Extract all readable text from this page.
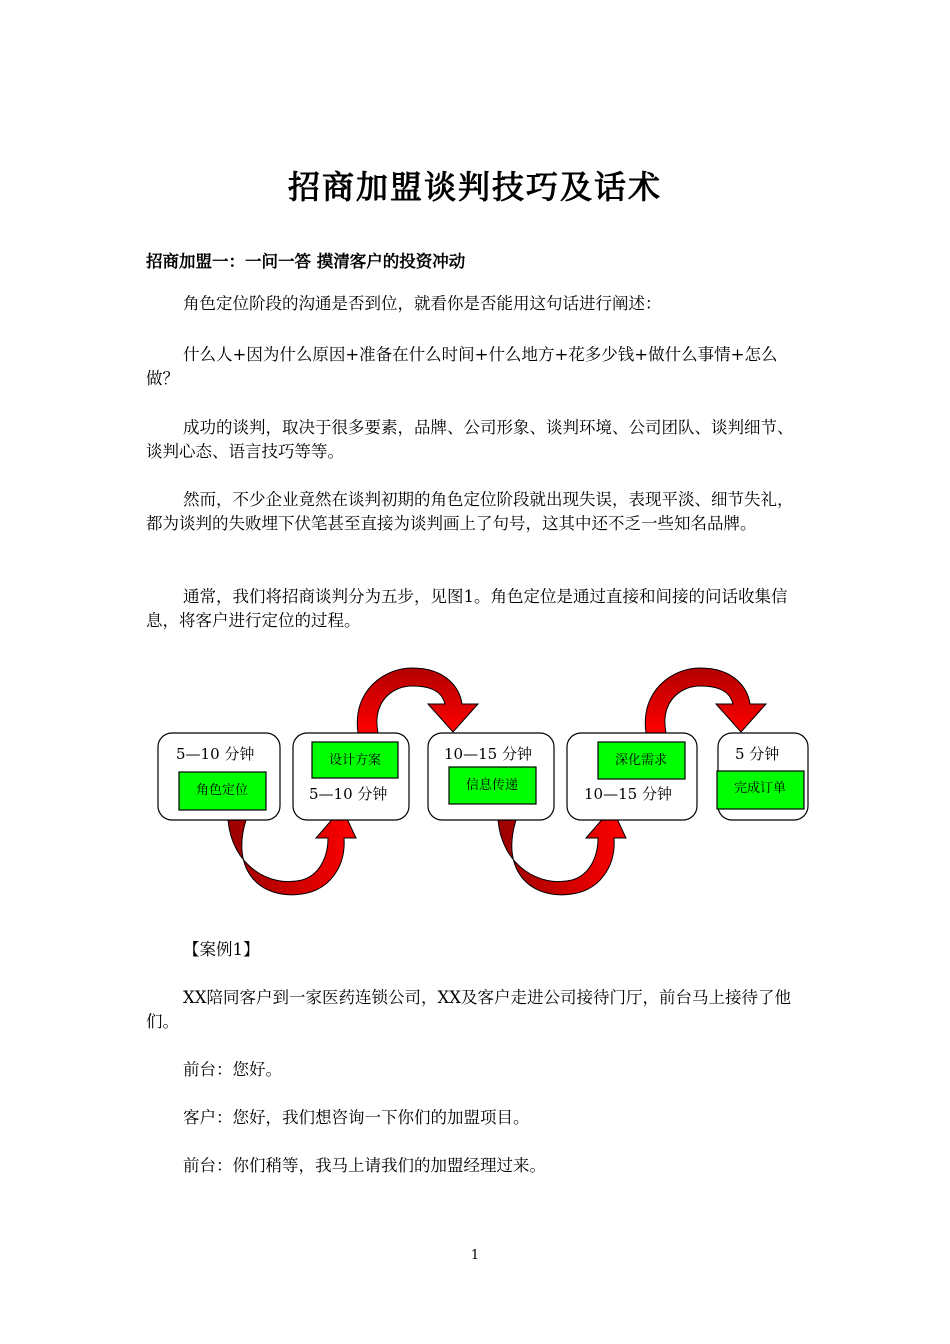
招商加盟谈判技巧及话术
招商加盟一：一问一答 摸清客户的投资冲动

角色定位阶段的沟通是否到位，就看你是否能用这句话进行阐述：

什么人+因为什么原因+准备在什么时间+什么地方+花多少钱+做什么事情+怎么做？

成功的谈判，取决于很多要素，品牌、公司形象、谈判环境、公司团队、谈判细节、谈判心态、语言技巧等等。

然而，不少企业竟然在谈判初期的角色定位阶段就出现失误，表现平淡、细节失礼，都为谈判的失败埋下伏笔甚至直接为谈判画上了句号，这其中还不乏一些知名品牌。

通常，我们将招商谈判分为五步，见图1。角色定位是通过直接和间接的问话收集信息，将客户进行定位的过程。

5—10 分钟
角色定位
设计方案
5—10 分钟
10—15 分钟
信息传递
深化需求
10—15 分钟
5 分钟
完成订单

【案例1】

XX陪同客户到一家医药连锁公司，XX及客户走进公司接待门厅，前台马上接待了他们。

前台：您好。

客户：您好，我们想咨询一下你们的加盟项目。

前台：你们稍等，我马上请我们的加盟经理过来。

1
